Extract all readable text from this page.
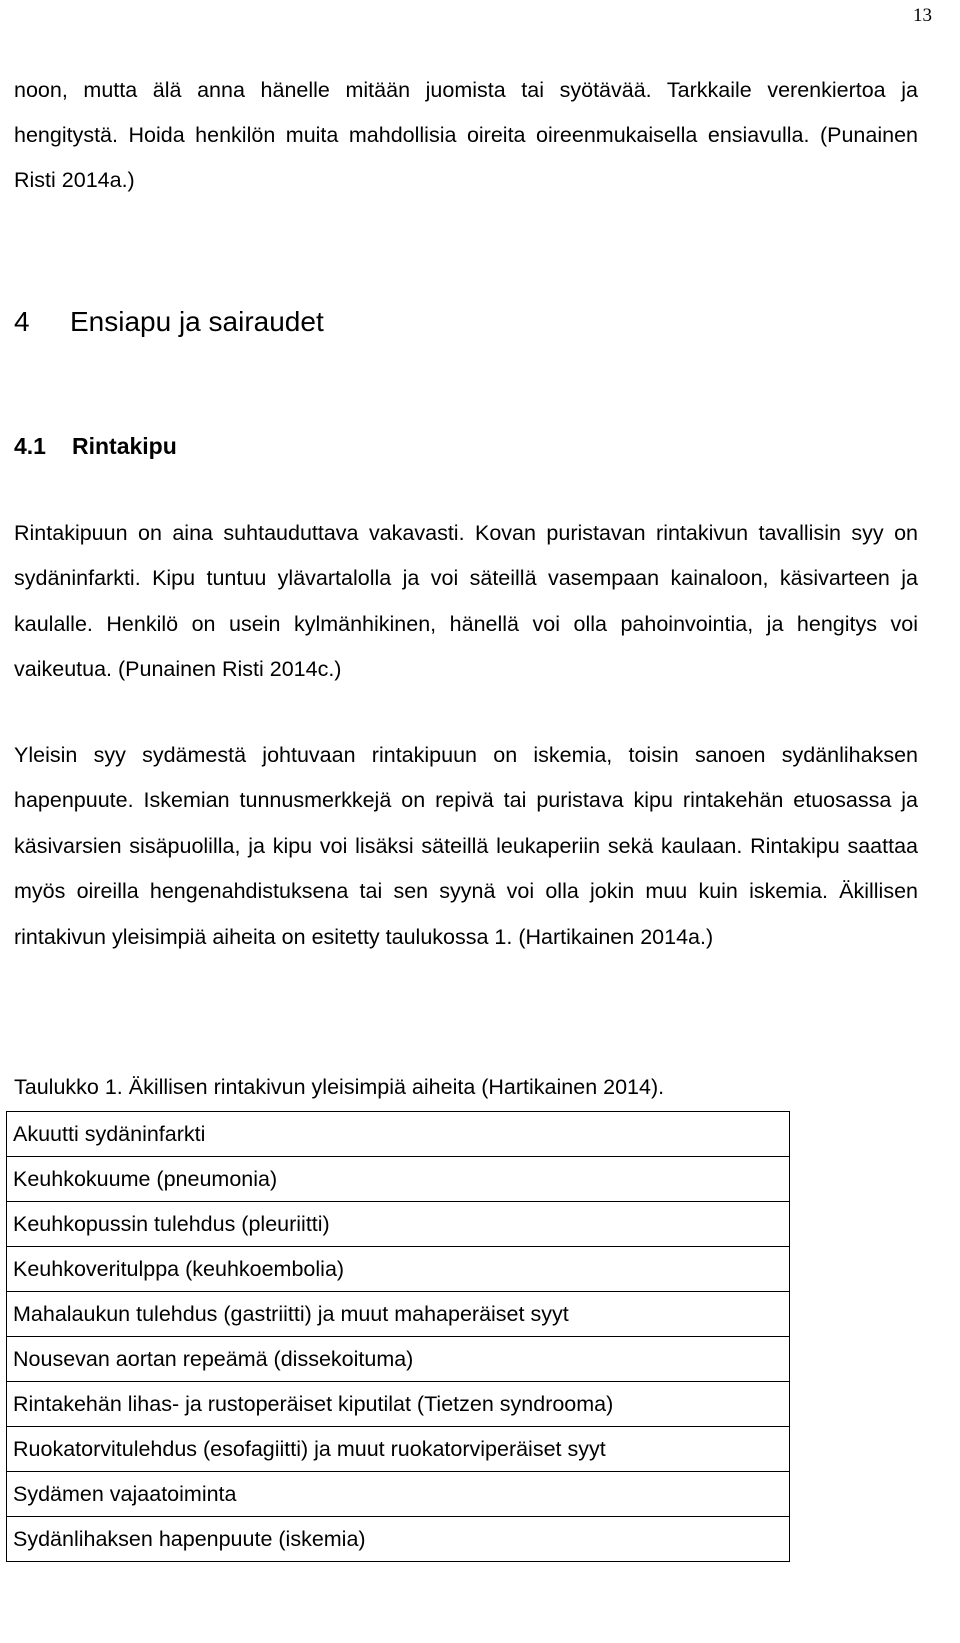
13

noon, mutta älä anna hänelle mitään juomista tai syötävää. Tarkkaile verenkiertoa ja hengitystä. Hoida henkilön muita mahdollisia oireita oireenmukaisella ensiavulla. (Punainen Risti 2014a.)

4 Ensiapu ja sairaudet
4.1 Rintakipu

Rintakipuun on aina suhtauduttava vakavasti. Kovan puristavan rintakivun tavallisin syy on sydäninfarkti. Kipu tuntuu ylävartalolla ja voi säteillä vasempaan kainaloon, käsivarteen ja kaulalle. Henkilö on usein kylmänhikinen, hänellä voi olla pahoinvointia, ja hengitys voi vaikeutua. (Punainen Risti 2014c.)

Yleisin syy sydämestä johtuvaan rintakipuun on iskemia, toisin sanoen sydänlihaksen hapenpuute. Iskemian tunnusmerkkejä on repivä tai puristava kipu rintakehän etuosassa ja käsivarsien sisäpuolilla, ja kipu voi lisäksi säteillä leukaperiin sekä kaulaan. Rintakipu saattaa myös oireilla hengenahdistuksena tai sen syynä voi olla jokin muu kuin iskemia. Äkillisen rintakivun yleisimpiä aiheita on esitetty taulukossa 1. (Hartikainen 2014a.)

Taulukko 1. Äkillisen rintakivun yleisimpiä aiheita (Hartikainen 2014).

Akuutti sydäninfarkti
Keuhkokuume (pneumonia)
Keuhkopussin tulehdus (pleuriitti)
Keuhkoveritulppa (keuhkoembolia)
Mahalaukun tulehdus (gastriitti) ja muut mahaperäiset syyt
Nousevan aortan repeämä (dissekoituma)
Rintakehän lihas- ja rustoperäiset kiputilat (Tietzen syndrooma)
Ruokatorvitulehdus (esofagiitti) ja muut ruokatorviperäiset syyt
Sydämen vajaatoiminta
Sydänlihaksen hapenpuute (iskemia)
